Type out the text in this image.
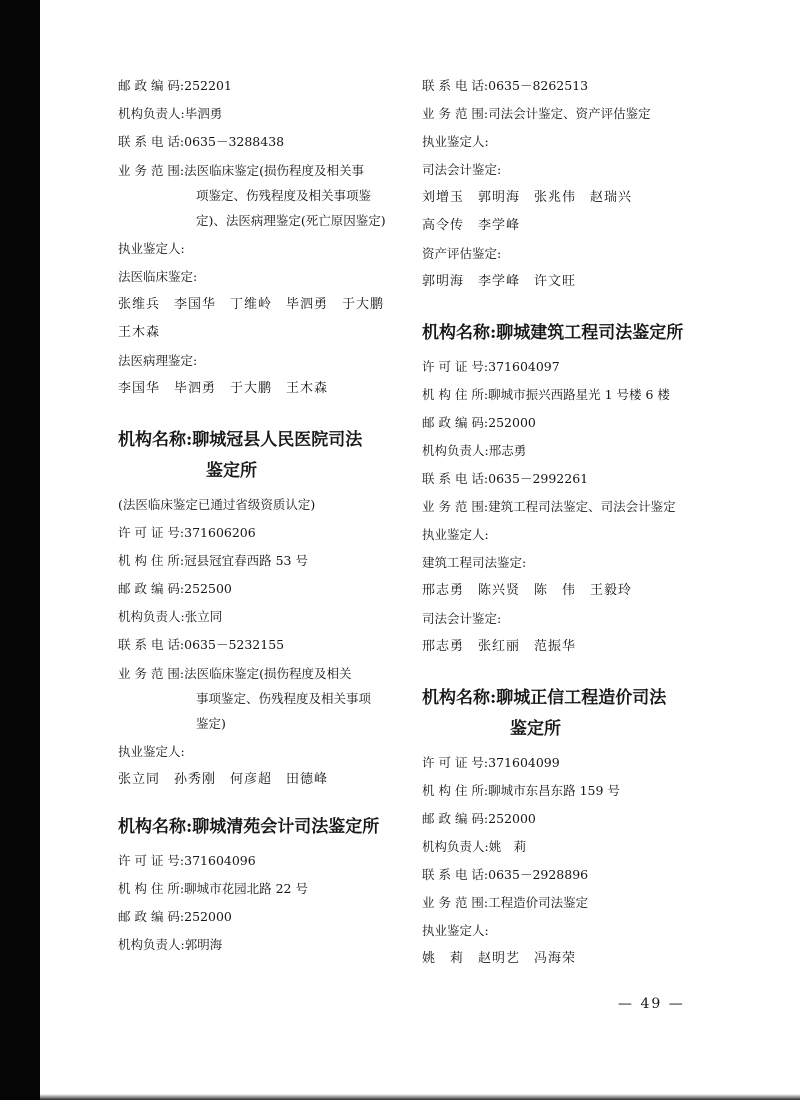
邮 政 编 码:252201
机构负责人:毕泗勇
联 系 电 话:0635－3288438
业 务 范 围:法医临床鉴定(损伤程度及相关事
项鉴定、伤残程度及相关事项鉴
定)、法医病理鉴定(死亡原因鉴定)
执业鉴定人:
法医临床鉴定:
张维兵　李国华　丁维岭　毕泗勇　于大鹏
王木森
法医病理鉴定:
李国华　毕泗勇　于大鹏　王木森
机构名称:聊城冠县人民医院司法
鉴定所
(法医临床鉴定已通过省级资质认定)
许 可 证 号:371606206
机 构 住 所:冠县冠宜春西路 53 号
邮 政 编 码:252500
机构负责人:张立同
联 系 电 话:0635－5232155
业 务 范 围:法医临床鉴定(损伤程度及相关
事项鉴定、伤残程度及相关事项
鉴定)
执业鉴定人:
张立同　孙秀刚　何彦超　田德峰
机构名称:聊城清苑会计司法鉴定所
许 可 证 号:371604096
机 构 住 所:聊城市花园北路 22 号
邮 政 编 码:252000
机构负责人:郭明海
联 系 电 话:0635－8262513
业 务 范 围:司法会计鉴定、资产评估鉴定
执业鉴定人:
司法会计鉴定:
刘增玉　郭明海　张兆伟　赵瑞兴
高令传　李学峰
资产评估鉴定:
郭明海　李学峰　许文旺
机构名称:聊城建筑工程司法鉴定所
许 可 证 号:371604097
机 构 住 所:聊城市振兴西路星光 1 号楼 6 楼
邮 政 编 码:252000
机构负责人:邢志勇
联 系 电 话:0635－2992261
业 务 范 围:建筑工程司法鉴定、司法会计鉴定
执业鉴定人:
建筑工程司法鉴定:
邢志勇　陈兴贤　陈　伟　王毅玲
司法会计鉴定:
邢志勇　张红丽　范振华
机构名称:聊城正信工程造价司法
鉴定所
许 可 证 号:371604099
机 构 住 所:聊城市东昌东路 159 号
邮 政 编 码:252000
机构负责人:姚　莉
联 系 电 话:0635－2928896
业 务 范 围:工程造价司法鉴定
执业鉴定人:
姚　莉　赵明艺　冯海荣
— 49 —
